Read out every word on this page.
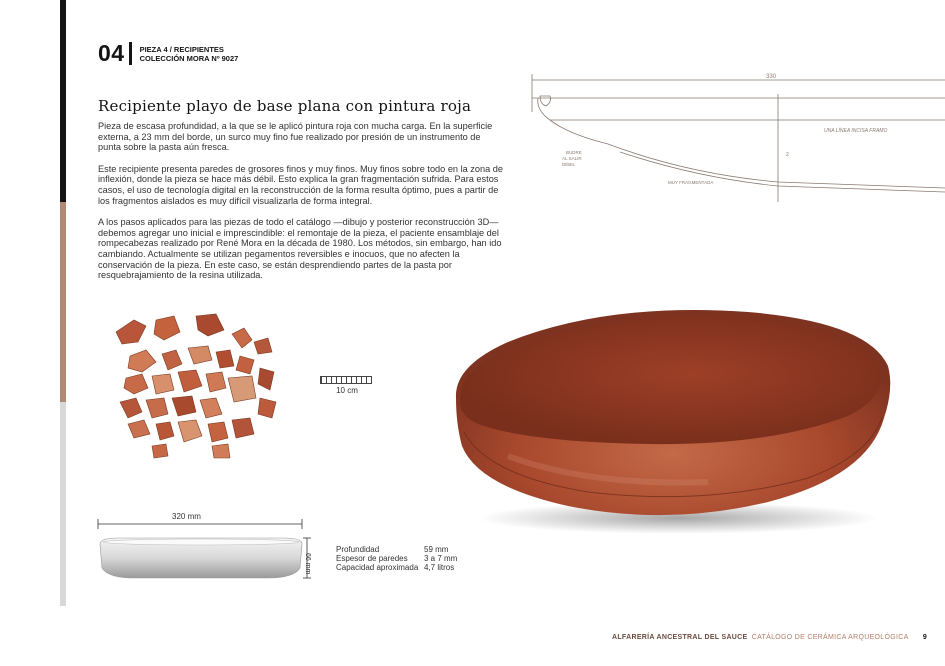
04 PIEZA 4 / RECIPIENTES
COLECCIÓN MORA Nº 9027
Recipiente playo de base plana con pintura roja

Pieza de escasa profundidad, a la que se le aplicó pintura roja con mucha carga. En la superficie externa, a 23 mm del borde, un surco muy fino fue realizado por presión de un instrumento de punta sobre la pasta aún fresca.

Este recipiente presenta paredes de grosores finos y muy finos. Muy finos sobre todo en la zona de inflexión, donde la pieza se hace más débil. Esto explica la gran fragmentación sufrida. Para estos casos, el uso de tecnología digital en la reconstrucción de la forma resulta óptimo, pues a partir de los fragmentos aislados es muy difícil visualizarla de forma integral.

A los pasos aplicados para las piezas de todo el catálogo —dibujo y posterior reconstrucción 3D— debemos agregar uno inicial e imprescindible: el remontaje de la pieza, el paciente ensamblaje del rompecabezas realizado por René Mora en la década de 1980. Los métodos, sin embargo, han ido cambiando. Actualmente se utilizan pegamentos reversibles e inocuos, que no afecten la conservación de la pieza. En este caso, se están desprendiendo partes de la pasta por resquebrajamiento de la resina utilizada.

330
UNA LÍNEA INCISA FRAMO
BUDRE
AL SALIR
DÉBIL
MUY FRAGMENTADA
2
10 cm
320 mm
66 mm
Profundidad	59 mm
Espesor de paredes	3 a 7 mm
Capacidad aproximada 4,7 litros
ALFARERÍA ANCESTRAL DEL SAUCE CATÁLOGO DE CERÁMICA ARQUEOLÓGICA 9
